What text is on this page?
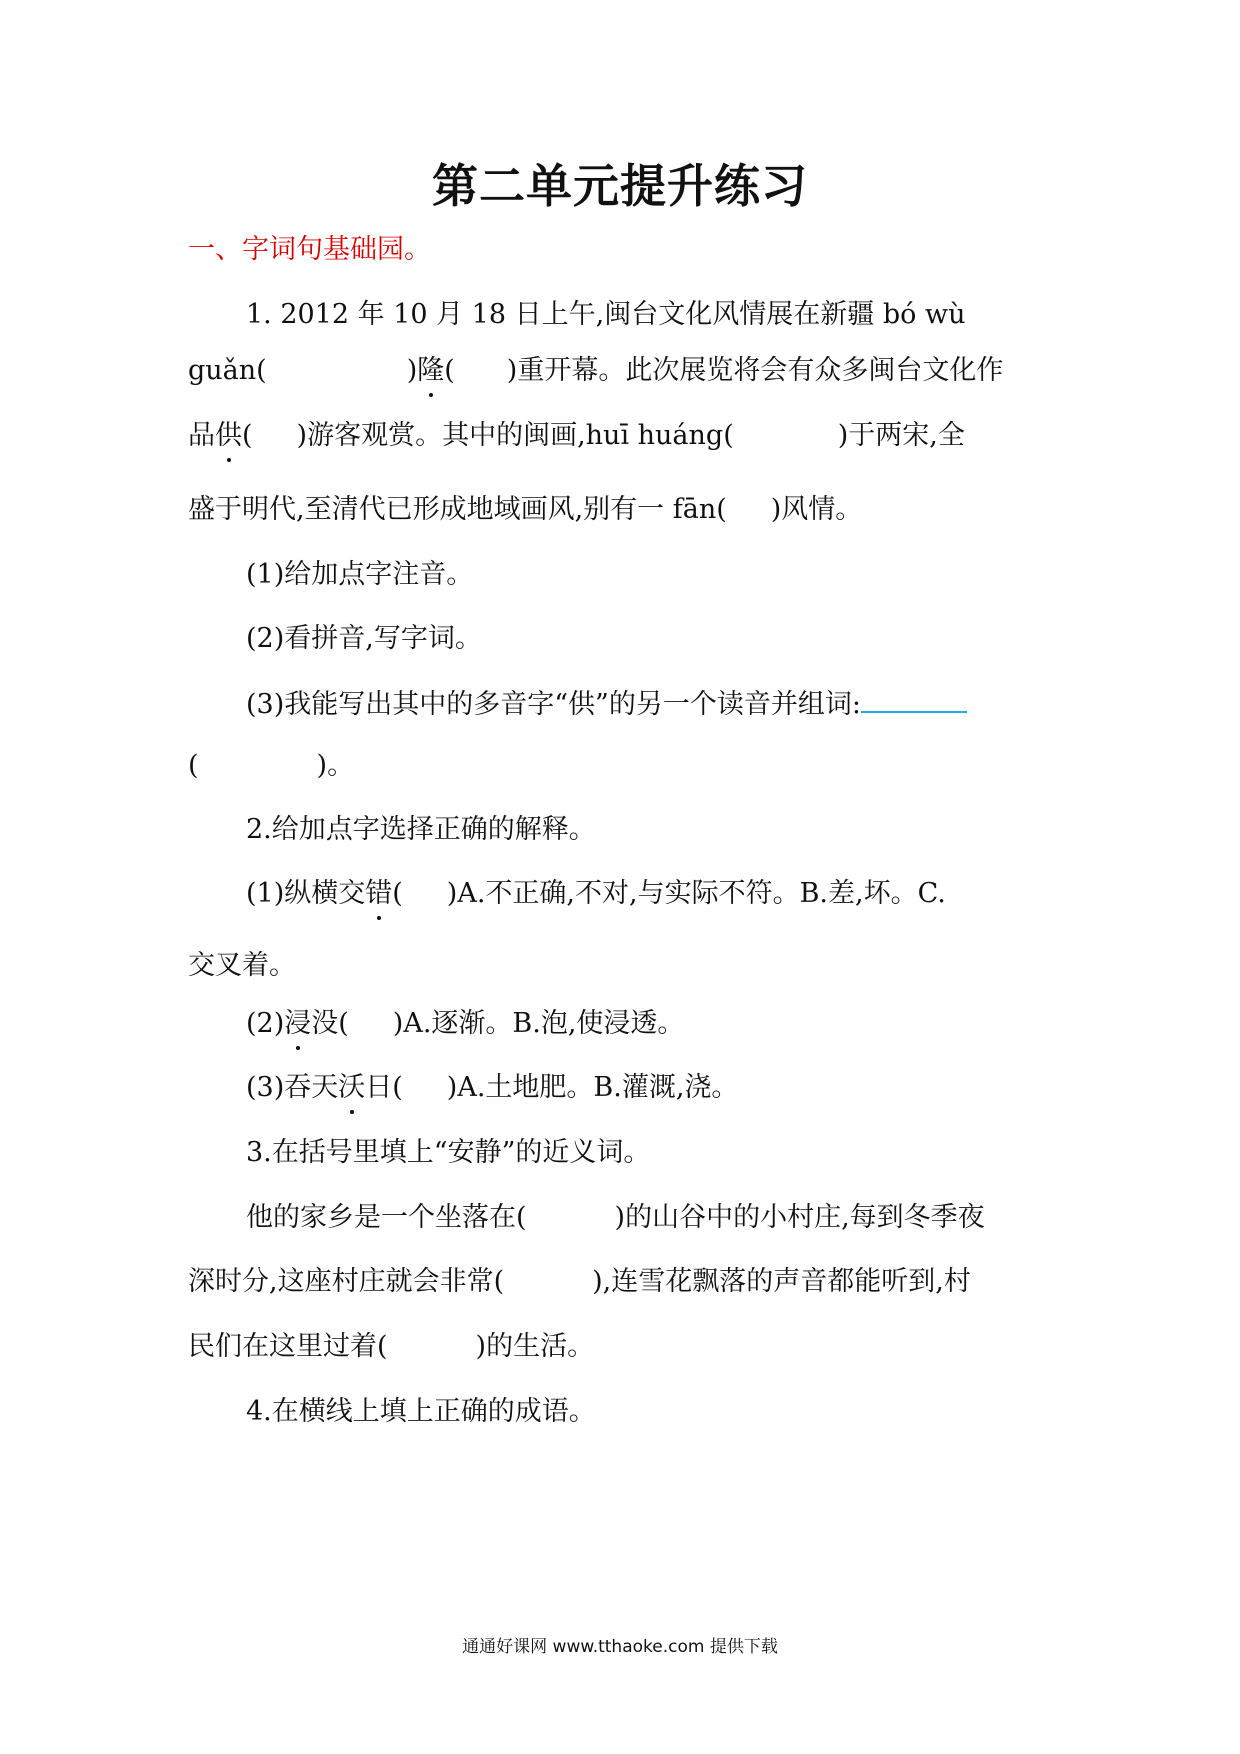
第二单元提升练习
一、字词句基础园。
1. 2012 年 10 月 18 日上午,闽台文化风情展在新疆 bó wù
guǎn(	)隆( )重开幕。此次展览将会有众多闽台文化作
品供( )游客观赏。其中的闽画,huī huáng(	)于两宋,全
盛于明代,至清代已形成地域画风,别有一 fān( )风情。
(1)给加点字注音。
(2)看拼音,写字词。
(3)我能写出其中的多音字“供”的另一个读音并组词:
(	)。
2.给加点字选择正确的解释。
(1)纵横交错( )A.不正确,不对,与实际不符。B.差,坏。C.
交叉着。
(2)浸没( )A.逐渐。B.泡,使浸透。
(3)吞天沃日( )A.土地肥。B.灌溉,浇。
3.在括号里填上“安静”的近义词。
他的家乡是一个坐落在(	)的山谷中的小村庄,每到冬季夜
深时分,这座村庄就会非常(	),连雪花飘落的声音都能听到,村
民们在这里过着(	)的生活。
4.在横线上填上正确的成语。
通通好课网 www.tthaoke.com 提供下载
